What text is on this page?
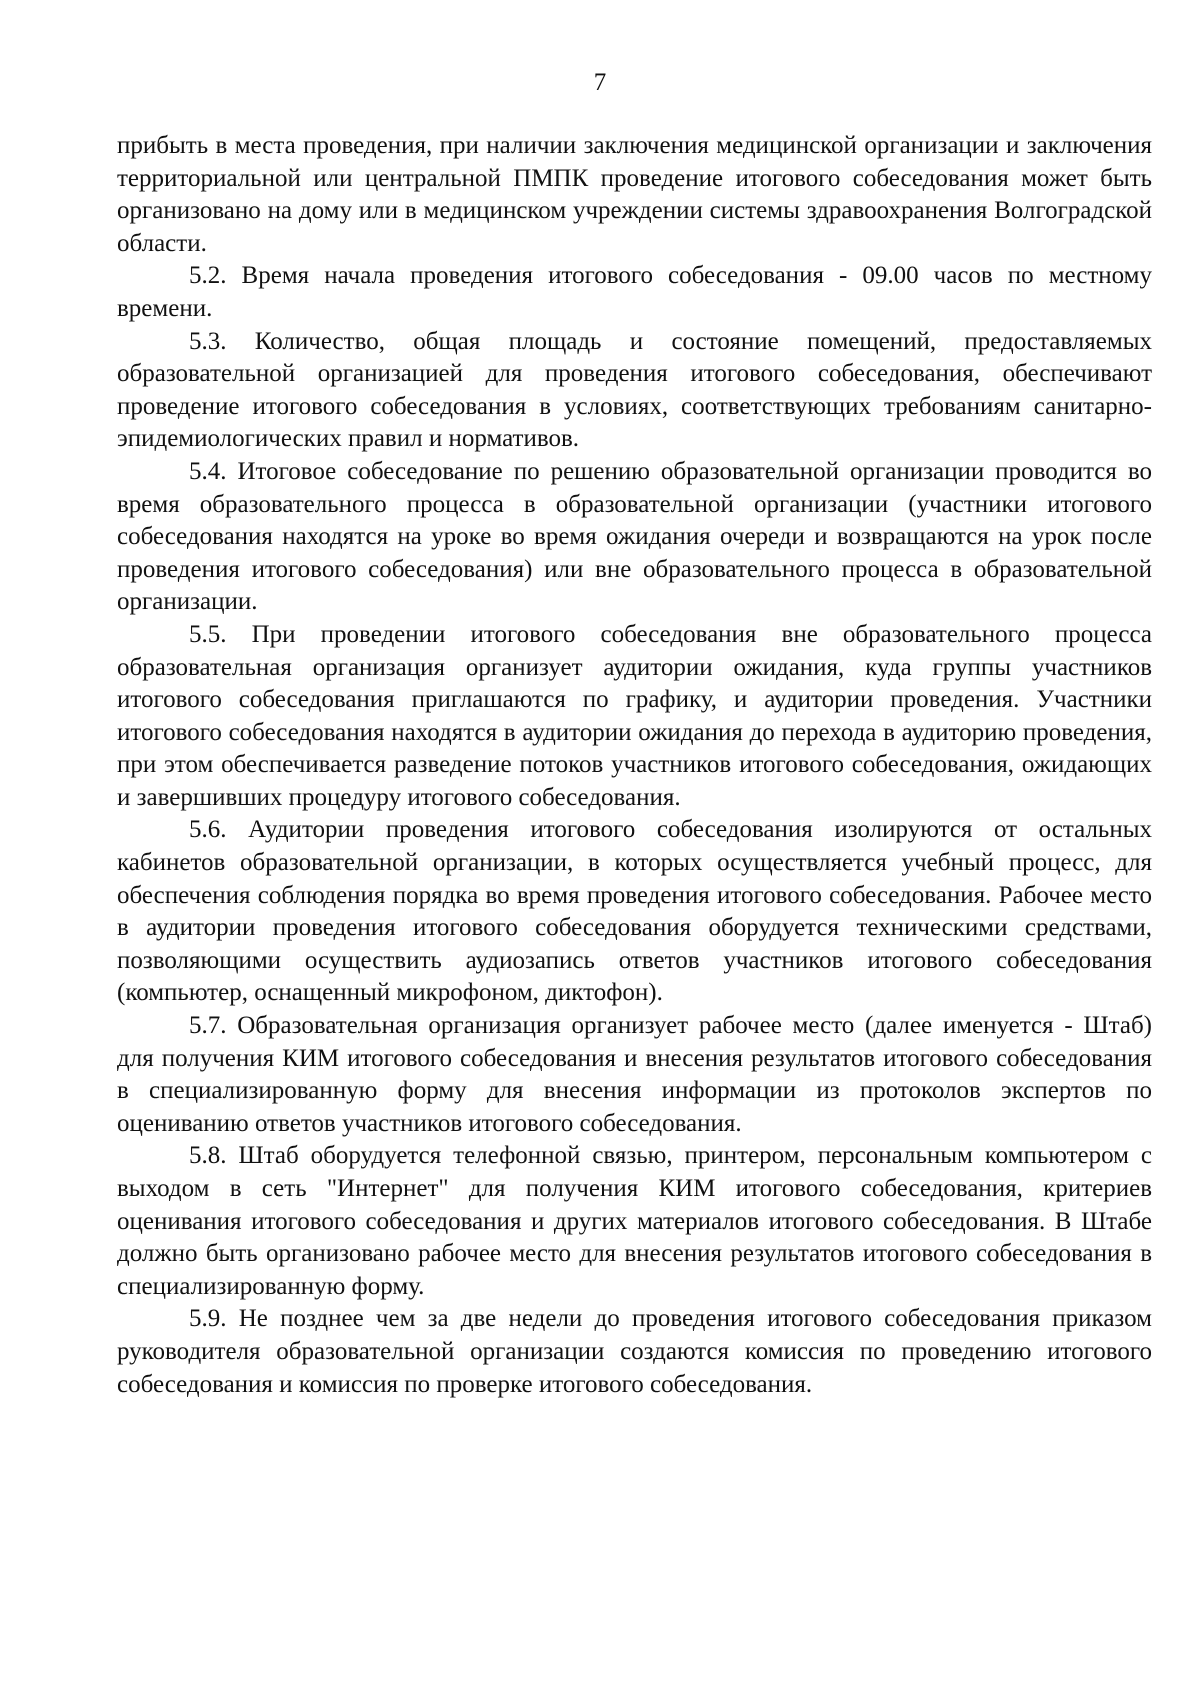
7

прибыть в места проведения, при наличии заключения медицинской организации и заключения территориальной или центральной ПМПК проведение итогового собеседования может быть организовано на дому или в медицинском учреждении системы здравоохранения Волгоградской области.

5.2. Время начала проведения итогового собеседования - 09.00 часов по местному времени.

5.3. Количество, общая площадь и состояние помещений, предоставляемых образовательной организацией для проведения итогового собеседования, обеспечивают проведение итогового собеседования в условиях, соответствующих требованиям санитарно-эпидемиологических правил и нормативов.

5.4. Итоговое собеседование по решению образовательной организации проводится во время образовательного процесса в образовательной организации (участники итогового собеседования находятся на уроке во время ожидания очереди и возвращаются на урок после проведения итогового собеседования) или вне образовательного процесса в образовательной организации.

5.5. При проведении итогового собеседования вне образовательного процесса образовательная организация организует аудитории ожидания, куда группы участников итогового собеседования приглашаются по графику, и аудитории проведения. Участники итогового собеседования находятся в аудитории ожидания до перехода в аудиторию проведения, при этом обеспечивается разведение потоков участников итогового собеседования, ожидающих и завершивших процедуру итогового собеседования.

5.6. Аудитории проведения итогового собеседования изолируются от остальных кабинетов образовательной организации, в которых осуществляется учебный процесс, для обеспечения соблюдения порядка во время проведения итогового собеседования. Рабочее место в аудитории проведения итогового собеседования оборудуется техническими средствами, позволяющими осуществить аудиозапись ответов участников итогового собеседования (компьютер, оснащенный микрофоном, диктофон).

5.7. Образовательная организация организует рабочее место (далее именуется - Штаб) для получения КИМ итогового собеседования и внесения результатов итогового собеседования в специализированную форму для внесения информации из протоколов экспертов по оцениванию ответов участников итогового собеседования.

5.8. Штаб оборудуется телефонной связью, принтером, персональным компьютером с выходом в сеть "Интернет" для получения КИМ итогового собеседования, критериев оценивания итогового собеседования и других материалов итогового собеседования. В Штабе должно быть организовано рабочее место для внесения результатов итогового собеседования в специализированную форму.

5.9. Не позднее чем за две недели до проведения итогового собеседования приказом руководителя образовательной организации создаются комиссия по проведению итогового собеседования и комиссия по проверке итогового собеседования.
